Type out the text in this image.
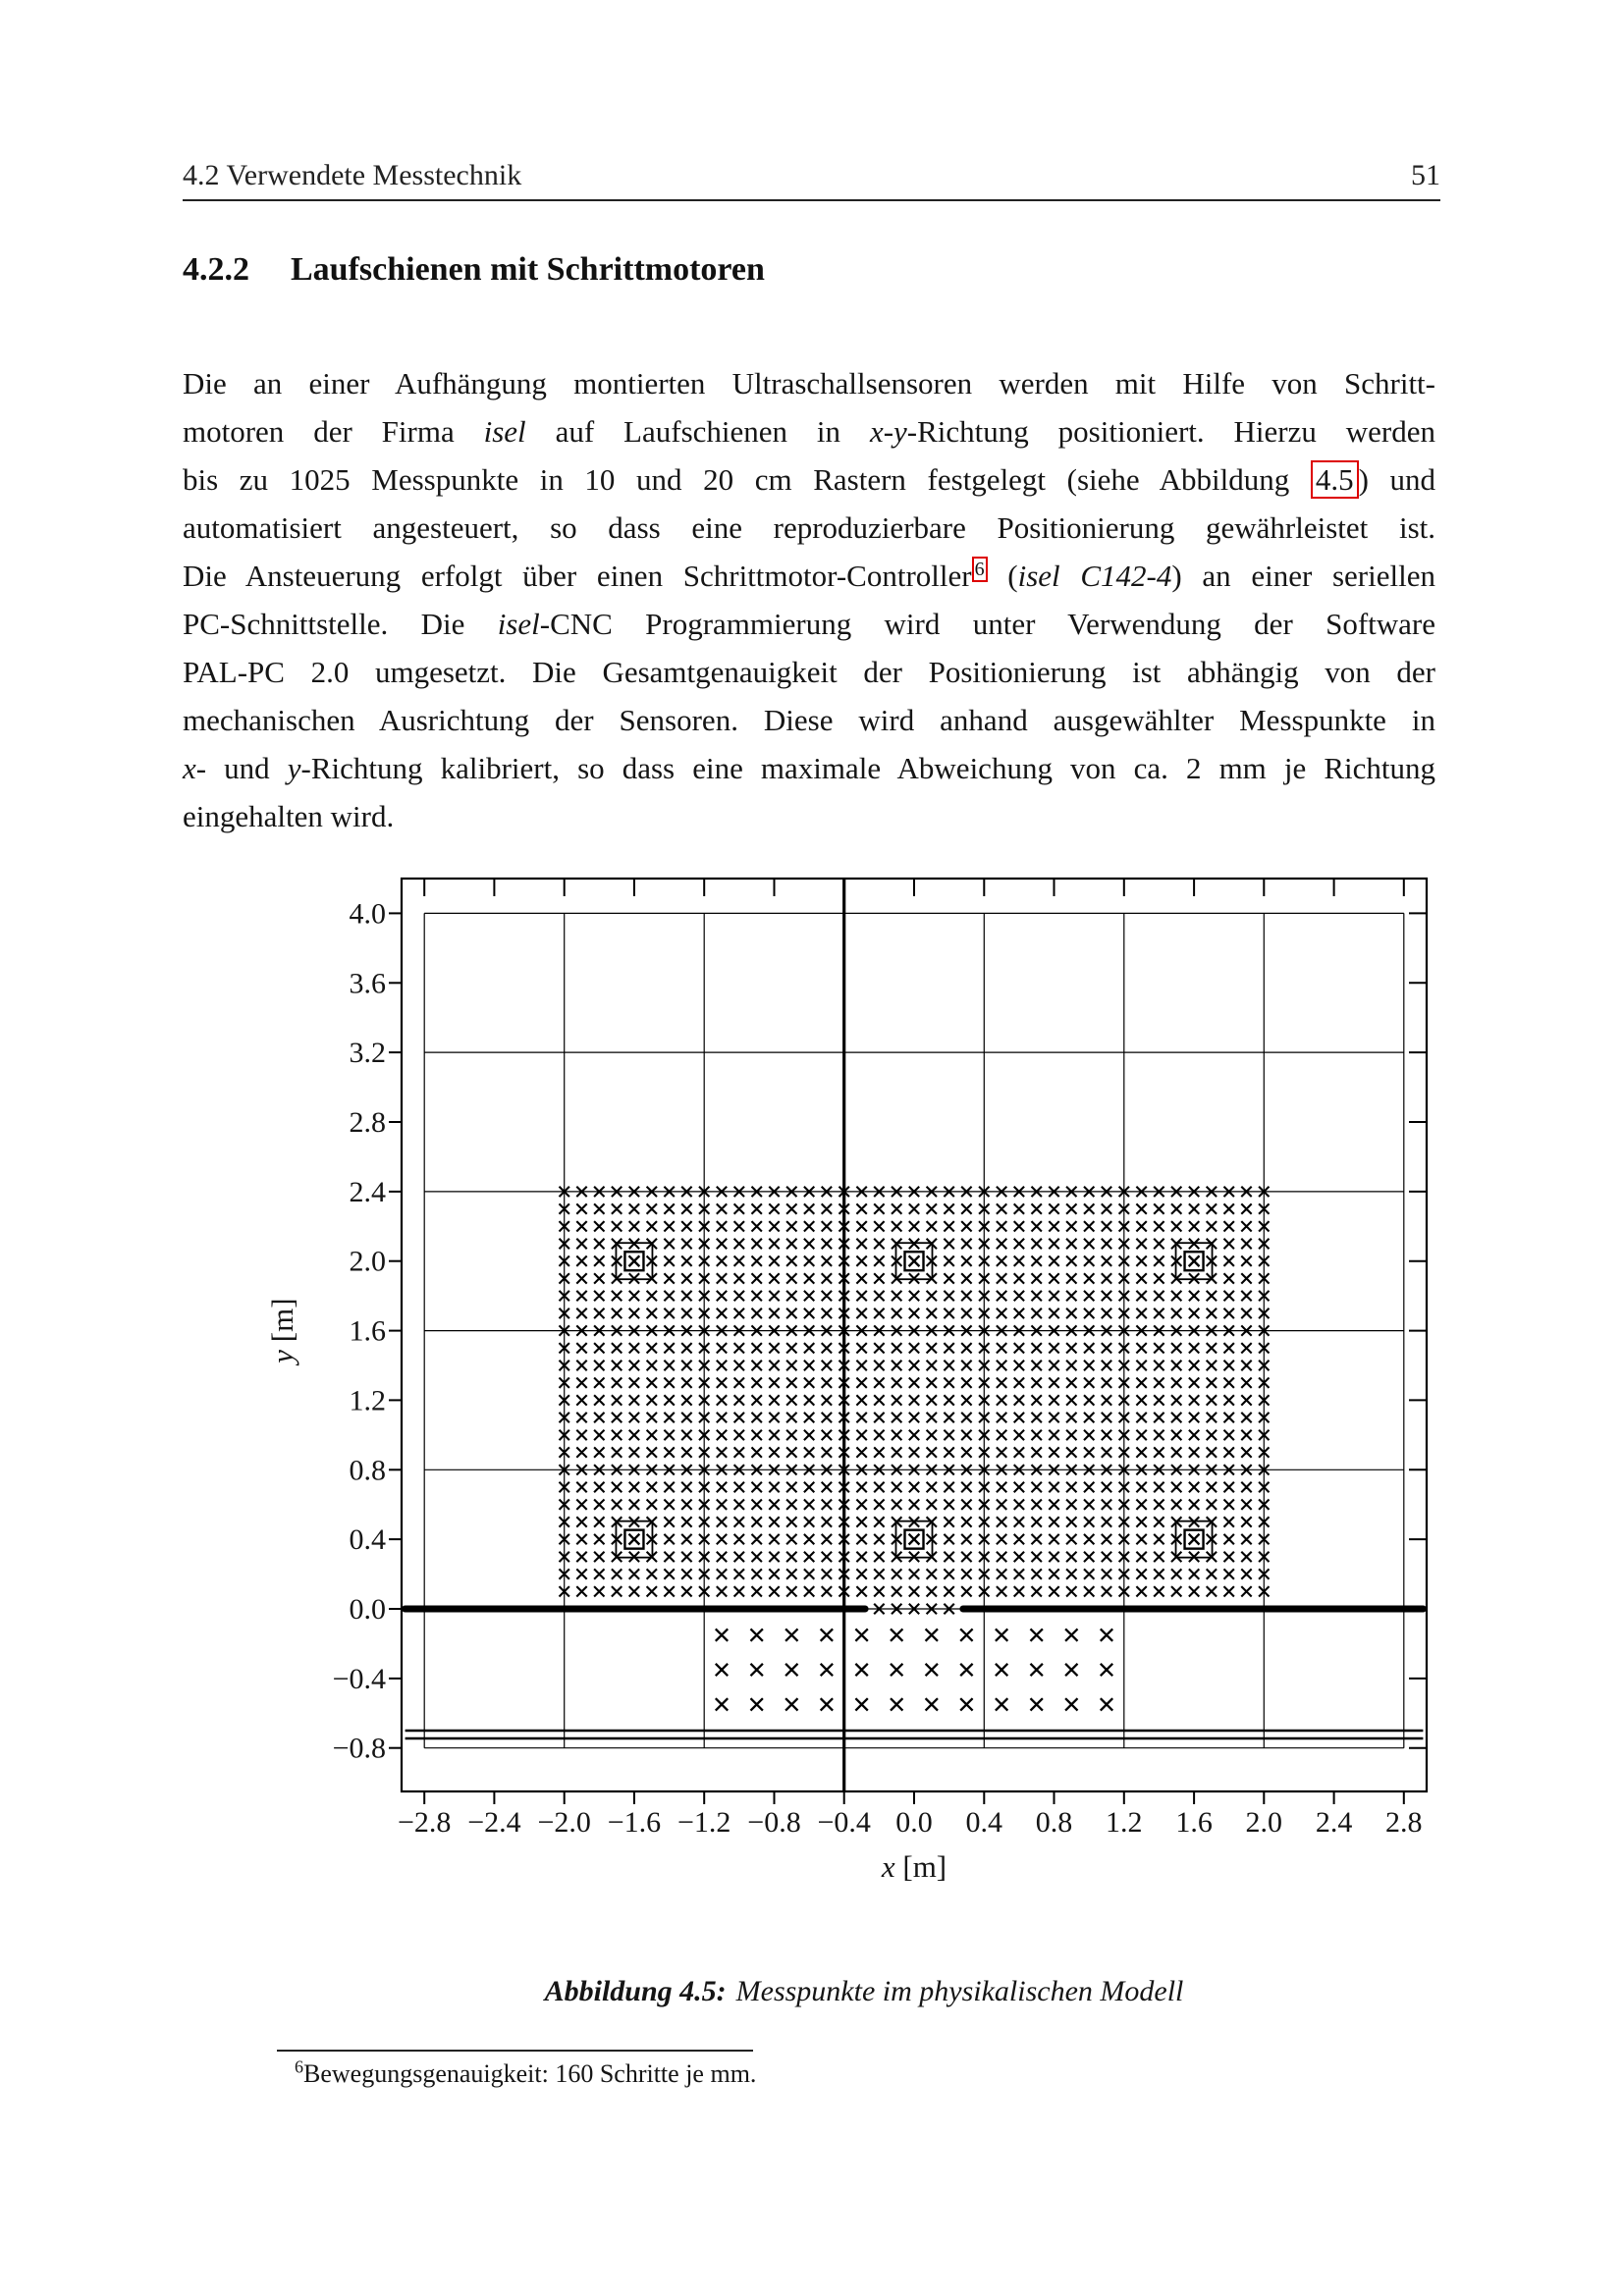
4.2 Verwendete Messtechnik	51
4.2.2 Laufschienen mit Schrittmotoren
Die an einer Aufhängung montierten Ultraschallsensoren werden mit Hilfe von Schritt-
motoren der Firma isel auf Laufschienen in x-y-Richtung positioniert. Hierzu werden
bis zu 1025 Messpunkte in 10 und 20 cm Rastern festgelegt (siehe Abbildung 4.5 ) und
automatisiert angesteuert, so dass eine reproduzierbare Positionierung gewährleistet ist.
Die Ansteuerung erfolgt über einen Schrittmotor-Controller $^6$ (isel C142-4) an einer seriellen
PC-Schnittstelle. Die isel-CNC Programmierung wird unter Verwendung der Software
PAL-PC 2.0 umgesetzt. Die Gesamtgenauigkeit der Positionierung ist abhängig von der
mechanischen Ausrichtung der Sensoren. Diese wird anhand ausgewählter Messpunkte in
x- und y-Richtung kalibriert, so dass eine maximale Abweichung von ca. 2 mm je Richtung
eingehalten wird.
−2.8 −2.4 −2.0 −1.6 −1.2 −0.8 −0.4 0.0 0.4 0.8 1.2 1.6 2.0 2.4 2.8
−0.8
−0.4
0.0
0.4
0.8
1.2
1.6
2.0
2.4
2.8
3.2
3.6
4.0
x [m]
y [m]
Abbildung 4.5: Messpunkte im physikalischen Modell
$^6$Bewegungsgenauigkeit: 160 Schritte je mm.
